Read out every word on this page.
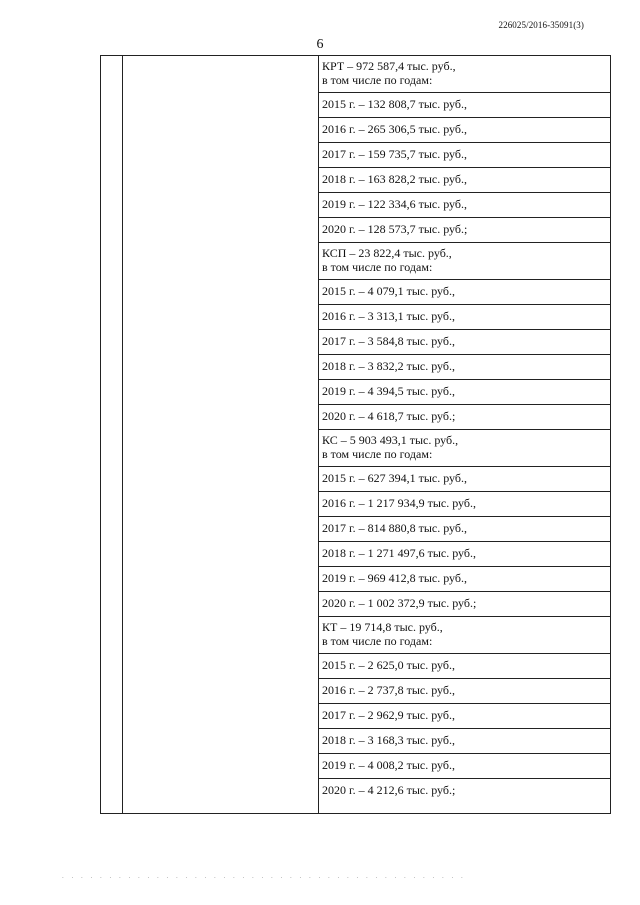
226025/2016-35091(3)
6
КРТ – 972 587,4 тыс. руб.,
в том числе по годам:
2015 г. – 132 808,7 тыс. руб.,
2016 г. – 265 306,5 тыс. руб.,
2017 г. – 159 735,7 тыс. руб.,
2018 г. – 163 828,2 тыс. руб.,
2019 г. – 122 334,6 тыс. руб.,
2020 г. – 128 573,7 тыс. руб.;
КСП – 23 822,4 тыс. руб.,
в том числе по годам:
2015 г. – 4 079,1 тыс. руб.,
2016 г. – 3 313,1 тыс. руб.,
2017 г. – 3 584,8 тыс. руб.,
2018 г. – 3 832,2 тыс. руб.,
2019 г. – 4 394,5 тыс. руб.,
2020 г. – 4 618,7 тыс. руб.;
КС – 5 903 493,1 тыс. руб.,
в том числе по годам:
2015 г. – 627 394,1 тыс. руб.,
2016 г. – 1 217 934,9 тыс. руб.,
2017 г. – 814 880,8 тыс. руб.,
2018 г. – 1 271 497,6 тыс. руб.,
2019 г. – 969 412,8 тыс. руб.,
2020 г. – 1 002 372,9 тыс. руб.;
КТ – 19 714,8 тыс. руб.,
в том числе по годам:
2015 г. – 2 625,0 тыс. руб.,
2016 г. – 2 737,8 тыс. руб.,
2017 г. – 2 962,9 тыс. руб.,
2018 г. – 3 168,3 тыс. руб.,
2019 г. – 4 008,2 тыс. руб.,
2020 г. – 4 212,6 тыс. руб.;
. . . . . . . . . . . . . . . . . . . . . . . . . . . . . . . . . . . . . . . . . . .
